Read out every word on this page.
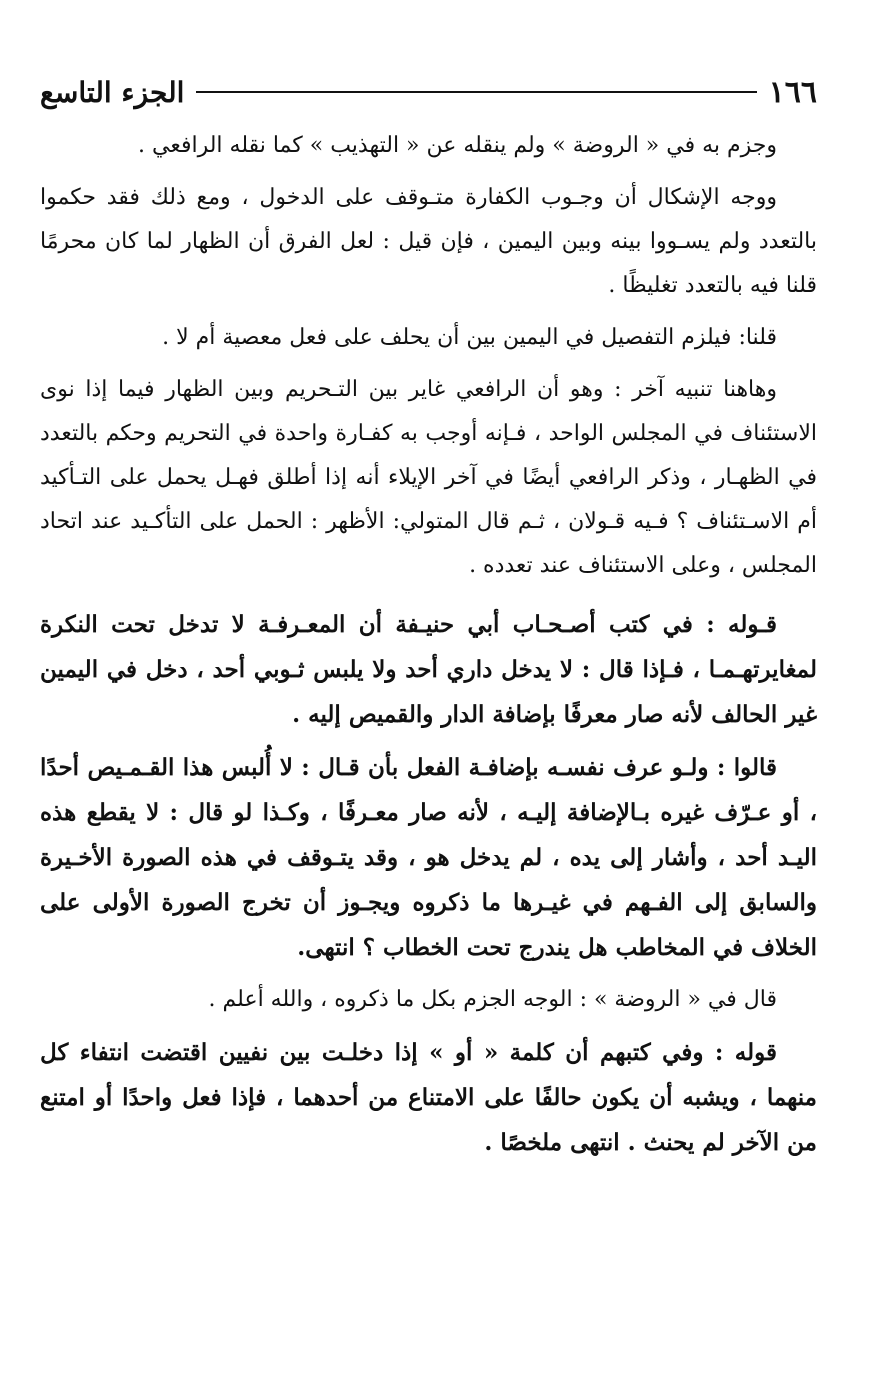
١٦٦
الجزء التاسع

وجزم به في « الروضة » ولم ينقله عن « التهذيب » كما نقله الرافعي .

ووجه الإشكال أن وجـوب الكفارة متـوقف على الدخول ، ومع ذلك فقد حكموا بالتعدد ولم يسـووا بينه وبين اليمين ، فإن قيل : لعل الفرق أن الظهار لما كان محرمًا قلنا فيه بالتعدد تغليظًا .

قلنا: فيلزم التفصيل في اليمين بين أن يحلف على فعل معصية أم لا .

وهاهنا تنبيه آخر : وهو أن الرافعي غاير بين التـحريم وبين الظهار فيما إذا نوى الاستئناف في المجلس الواحد ، فـإنه أوجب به كفـارة واحدة في التحريم وحكم بالتعدد في الظهـار ، وذكر الرافعي أيضًا في آخر الإيلاء أنه إذا أطلق فهـل يحمل على التـأكيد أم الاسـتئناف ؟ فـيه قـولان ، ثـم قال المتولي: الأظهر : الحمل على التأكـيد عند اتحاد المجلس ، وعلى الاستئناف عند تعدده .

قـوله : في كتب أصـحـاب أبي حنيـفة أن المعـرفـة لا تدخل تحت النكرة لمغايرتهـمـا ، فـإذا قال : لا يدخل داري أحد ولا يلبس ثـوبي أحد ، دخل في اليمين غير الحالف لأنه صار معرفًا بإضافة الدار والقميص إليه .

قالوا : ولـو عرف نفسـه بإضافـة الفعل بأن قـال : لا أُلبس هذا القـمـيص أحدًا ، أو عـرّف غيره بـالإضافة إليـه ، لأنه صار معـرفًا ، وكـذا لو قال : لا يقطع هذه اليـد أحد ، وأشار إلى يده ، لم يدخل هو ، وقد يتـوقف في هذه الصورة الأخـيرة والسابق إلى الفـهم في غيـرها ما ذكروه ويجـوز أن تخرج الصورة الأولى على الخلاف في المخاطب هل يندرج تحت الخطاب ؟ انتهى.

قال في « الروضة » : الوجه الجزم بكل ما ذكروه ، والله أعلم .

قوله : وفي كتبهم أن كلمة « أو » إذا دخلـت بين نفيين اقتضت انتفاء كل منهما ، ويشبه أن يكون حالفًا على الامتناع من أحدهما ، فإذا فعل واحدًا أو امتنع من الآخر لم يحنث . انتهى ملخصًا .
